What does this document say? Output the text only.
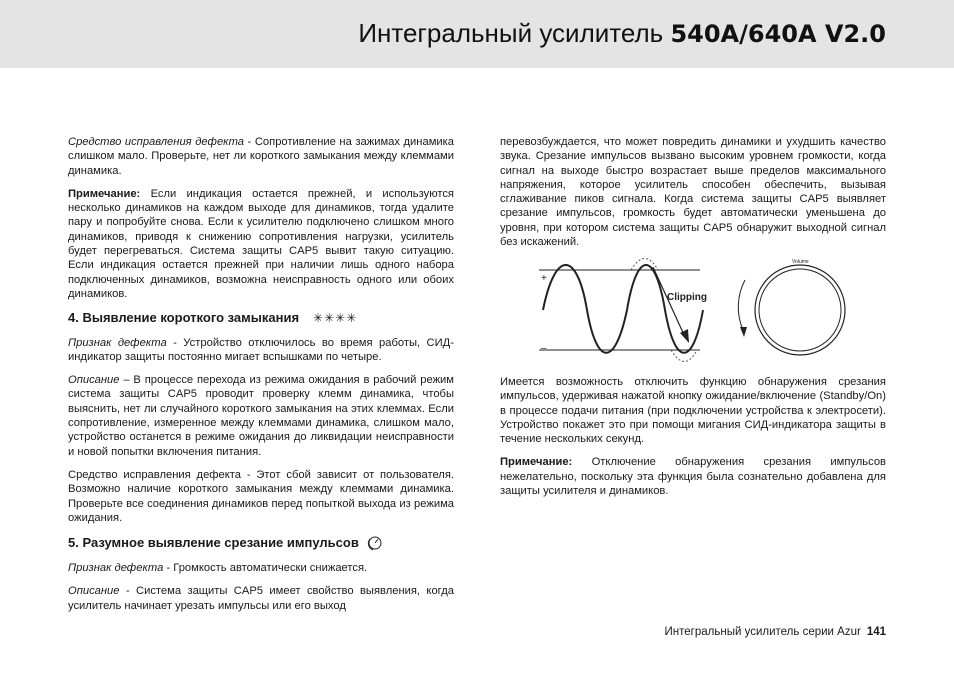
Интегральный усилитель 540A/640A V2.0

Средство исправления дефекта - Сопротивление на зажимах динамика слишком мало. Проверьте, нет ли короткого замыкания между клеммами динамика.

Примечание: Если индикация остается прежней, и используются несколько динамиков на каждом выходе для динамиков, тогда удалите пару и попробуйте снова. Если к усилителю подключено слишком много динамиков, приводя к снижению сопротивления нагрузки, усилитель будет перегреваться. Система защиты CAP5 вывит такую ситуацию. Если индикация остается прежней при наличии лишь одного набора подключенных динамиков, возможна неисправность одного или обоих динамиков.

4. Выявление короткого замыкания ✳✳✳✳

Признак дефекта - Устройство отключилось во время работы, СИД-индикатор защиты постоянно мигает вспышками по четыре.

Описание – В процессе перехода из режима ожидания в рабочий режим система защиты CAP5 проводит проверку клемм динамика, чтобы выяснить, нет ли случайного короткого замыкания на этих клеммах. Если сопротивление, измеренное между клеммами динамика, слишком мало, устройство останется в режиме ожидания до ликвидации неисправности и новой попытки включения питания.

Средство исправления дефекта - Этот сбой зависит от пользователя. Возможно наличие короткого замыкания между клеммами динамика. Проверьте все соединения динамиков перед попыткой выхода из режима ожидания.

5. Разумное выявление срезание импульсов

Признак дефекта - Громкость автоматически снижается.

Описание - Система защиты CAP5 имеет свойство выявления, когда усилитель начинает урезать импульсы или его выход

перевозбуждается, что может повредить динамики и ухудшить качество звука. Срезание импульсов вызвано высоким уровнем громкости, когда сигнал на выходе быстро возрастает выше пределов максимального напряжения, которое усилитель способен обеспечить, вызывая сглаживание пиков сигнала. Когда система защиты CAP5 выявляет срезание импульсов, громкость будет автоматически уменьшена до уровня, при котором система защиты CAP5 обнаружит выходной сигнал без искажений.

+
–
Clipping
Volume

Имеется возможность отключить функцию обнаружения срезания импульсов, удерживая нажатой кнопку ожидание/включение (Standby/On) в процессе подачи питания (при подключении устройства к электросети). Устройство покажет это при помощи мигания СИД-индикатора защиты в течение нескольких секунд.

Примечание: Отключение обнаружения срезания импульсов нежелательно, поскольку эта функция была сознательно добавлена для защиты усилителя и динамиков.

Интегральный усилитель серии Azur 141
